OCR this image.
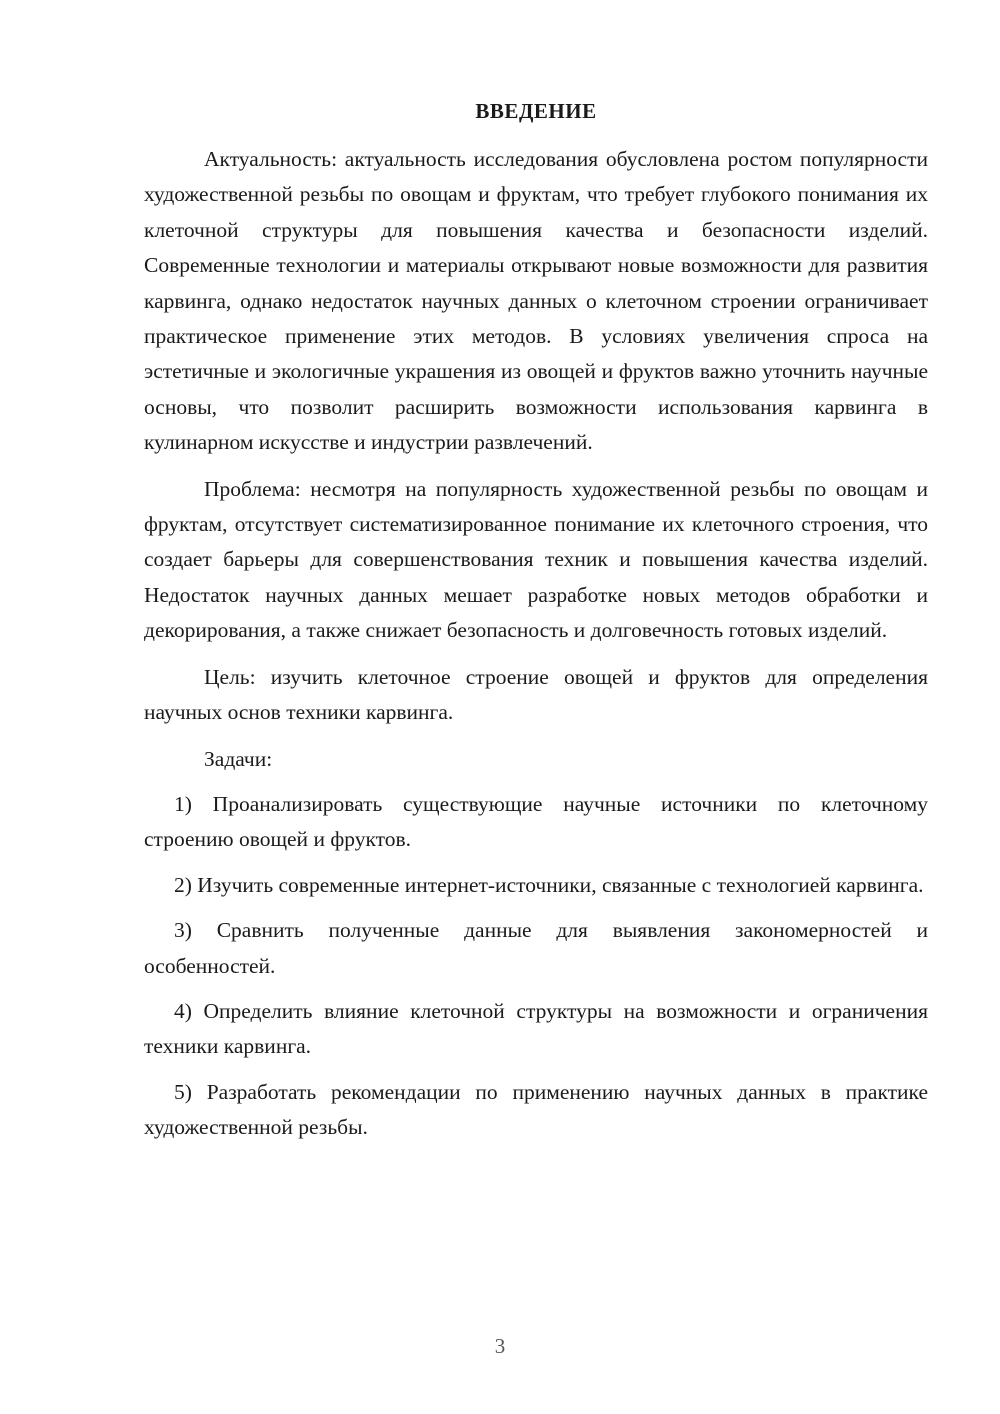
ВВЕДЕНИЕ

Актуальность: актуальность исследования обусловлена ростом популярности художественной резьбы по овощам и фруктам, что требует глубокого понимания их клеточной структуры для повышения качества и безопасности изделий. Современные технологии и материалы открывают новые возможности для развития карвинга, однако недостаток научных данных о клеточном строении ограничивает практическое применение этих методов. В условиях увеличения спроса на эстетичные и экологичные украшения из овощей и фруктов важно уточнить научные основы, что позволит расширить возможности использования карвинга в кулинарном искусстве и индустрии развлечений.

Проблема: несмотря на популярность художественной резьбы по овощам и фруктам, отсутствует систематизированное понимание их клеточного строения, что создает барьеры для совершенствования техник и повышения качества изделий. Недостаток научных данных мешает разработке новых методов обработки и декорирования, а также снижает безопасность и долговечность готовых изделий.

Цель: изучить клеточное строение овощей и фруктов для определения научных основ техники карвинга.

Задачи:

1) Проанализировать существующие научные источники по клеточному строению овощей и фруктов.

2) Изучить современные интернет-источники, связанные с технологией карвинга.

3) Сравнить полученные данные для выявления закономерностей и особенностей.

4) Определить влияние клеточной структуры на возможности и ограничения техники карвинга.

5) Разработать рекомендации по применению научных данных в практике художественной резьбы.

3
